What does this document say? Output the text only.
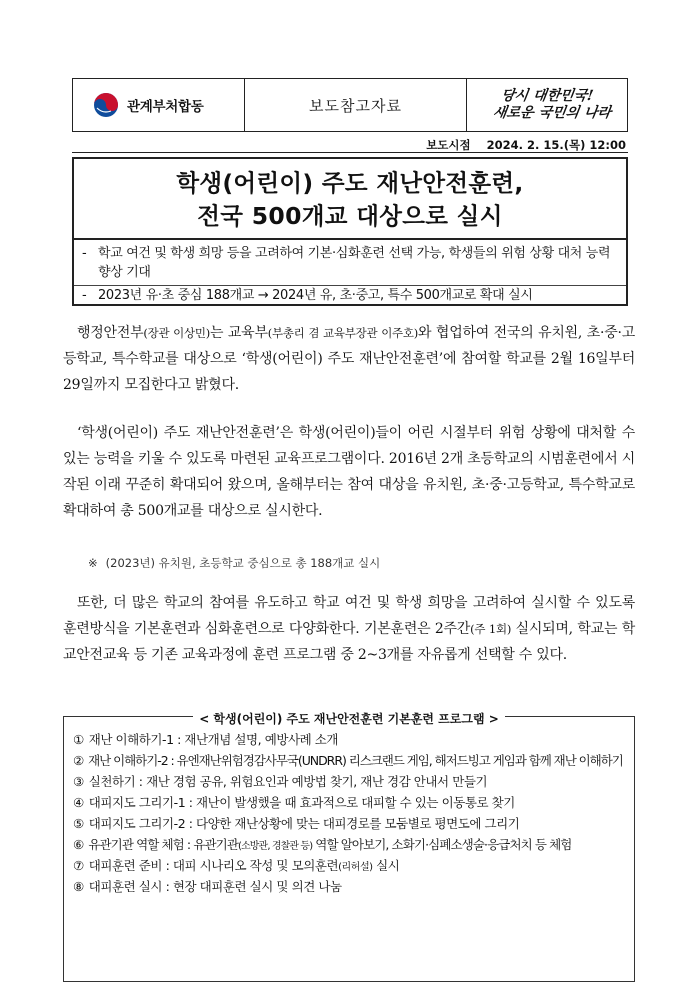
관계부처합동	보도참고자료
당시 대한민국!
새로운 국민의 나라
보도시점 2024. 2. 15.(목) 12:00
학생(어린이) 주도 재난안전훈련,
전국 500개교 대상으로 실시
- 학교 여건 및 학생 희망 등을 고려하여 기본·심화훈련 선택 가능, 학생들의 위험 상황 대처 능력 향상 기대
- 2023년 유·초 중심 188개교 → 2024년 유, 초·중고, 특수 500개교로 확대 실시
행정안전부(장관 이상민)는 교육부(부총리 겸 교육부장관 이주호)와 협업하여 전국의 유치원, 초·중·고등학교, 특수학교를 대상으로 ‘학생(어린이) 주도 재난안전훈련’에 참여할 학교를 2월 16일부터 29일까지 모집한다고 밝혔다.
‘학생(어린이) 주도 재난안전훈련’은 학생(어린이)들이 어린 시절부터 위험 상황에 대처할 수 있는 능력을 키울 수 있도록 마련된 교육프로그램이다. 2016년 2개 초등학교의 시범훈련에서 시작된 이래 꾸준히 확대되어 왔으며, 올해부터는 참여 대상을 유치원, 초·중·고등학교, 특수학교로 확대하여 총 500개교를 대상으로 실시한다.
※ (2023년) 유치원, 초등학교 중심으로 총 188개교 실시
또한, 더 많은 학교의 참여를 유도하고 학교 여건 및 학생 희망을 고려하여 실시할 수 있도록 훈련방식을 기본훈련과 심화훈련으로 다양화한다. 기본훈련은 2주간(주 1회) 실시되며, 학교는 학교안전교육 등 기존 교육과정에 훈련 프로그램 중 2~3개를 자유롭게 선택할 수 있다.
< 학생(어린이) 주도 재난안전훈련 기본훈련 프로그램 >
① 재난 이해하기-1 : 재난개념 설명, 예방사례 소개
② 재난 이해하기-2 : 유엔재난위험경감사무국(UNDRR) 리스크랜드 게임, 해저드빙고 게임과 함께 재난 이해하기
③ 실천하기 : 재난 경험 공유, 위험요인과 예방법 찾기, 재난 경감 안내서 만들기
④ 대피지도 그리기-1 : 재난이 발생했을 때 효과적으로 대피할 수 있는 이동통로 찾기
⑤ 대피지도 그리기-2 : 다양한 재난상황에 맞는 대피경로를 모둠별로 평면도에 그리기
⑥ 유관기관 역할 체험 : 유관기관(소방관, 경찰관 등) 역할 알아보기, 소화기·심폐소생술·응급처치 등 체험
⑦ 대피훈련 준비 : 대피 시나리오 작성 및 모의훈련(리허설) 실시
⑧ 대피훈련 실시 : 현장 대피훈련 실시 및 의견 나눔
